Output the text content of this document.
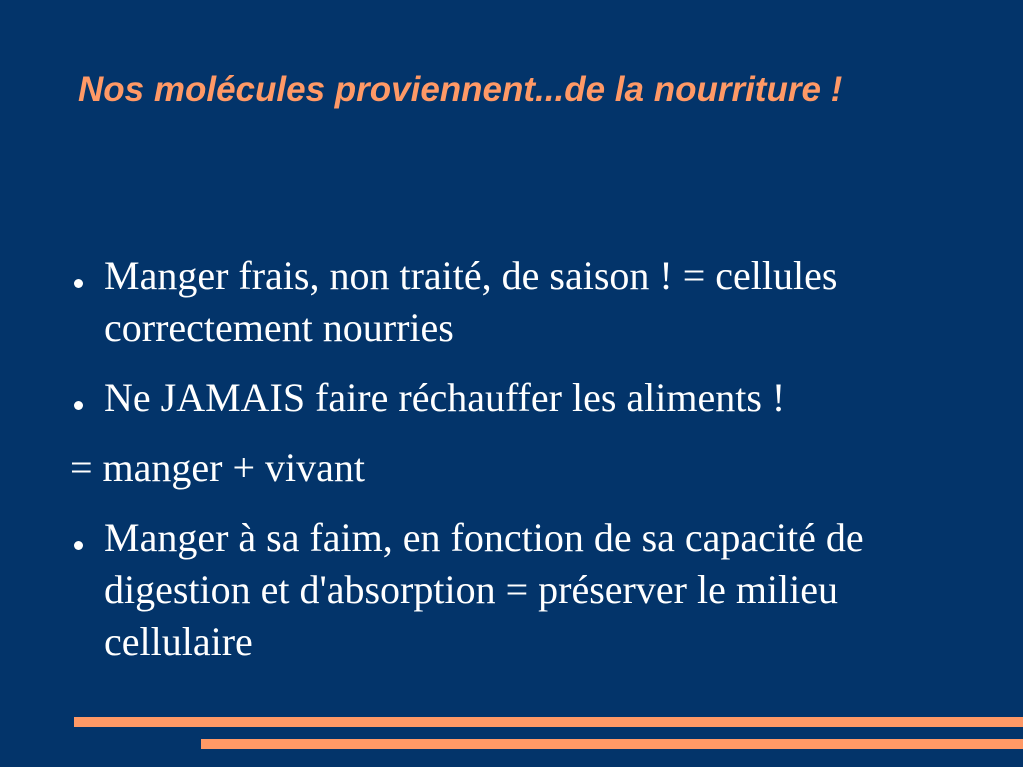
Nos molécules proviennent...de la nourriture !
Manger frais, non traité, de saison ! = cellules correctement nourries
Ne JAMAIS faire réchauffer les aliments !
= manger + vivant
Manger à sa faim, en fonction de sa capacité de digestion et d'absorption = préserver le milieu cellulaire
